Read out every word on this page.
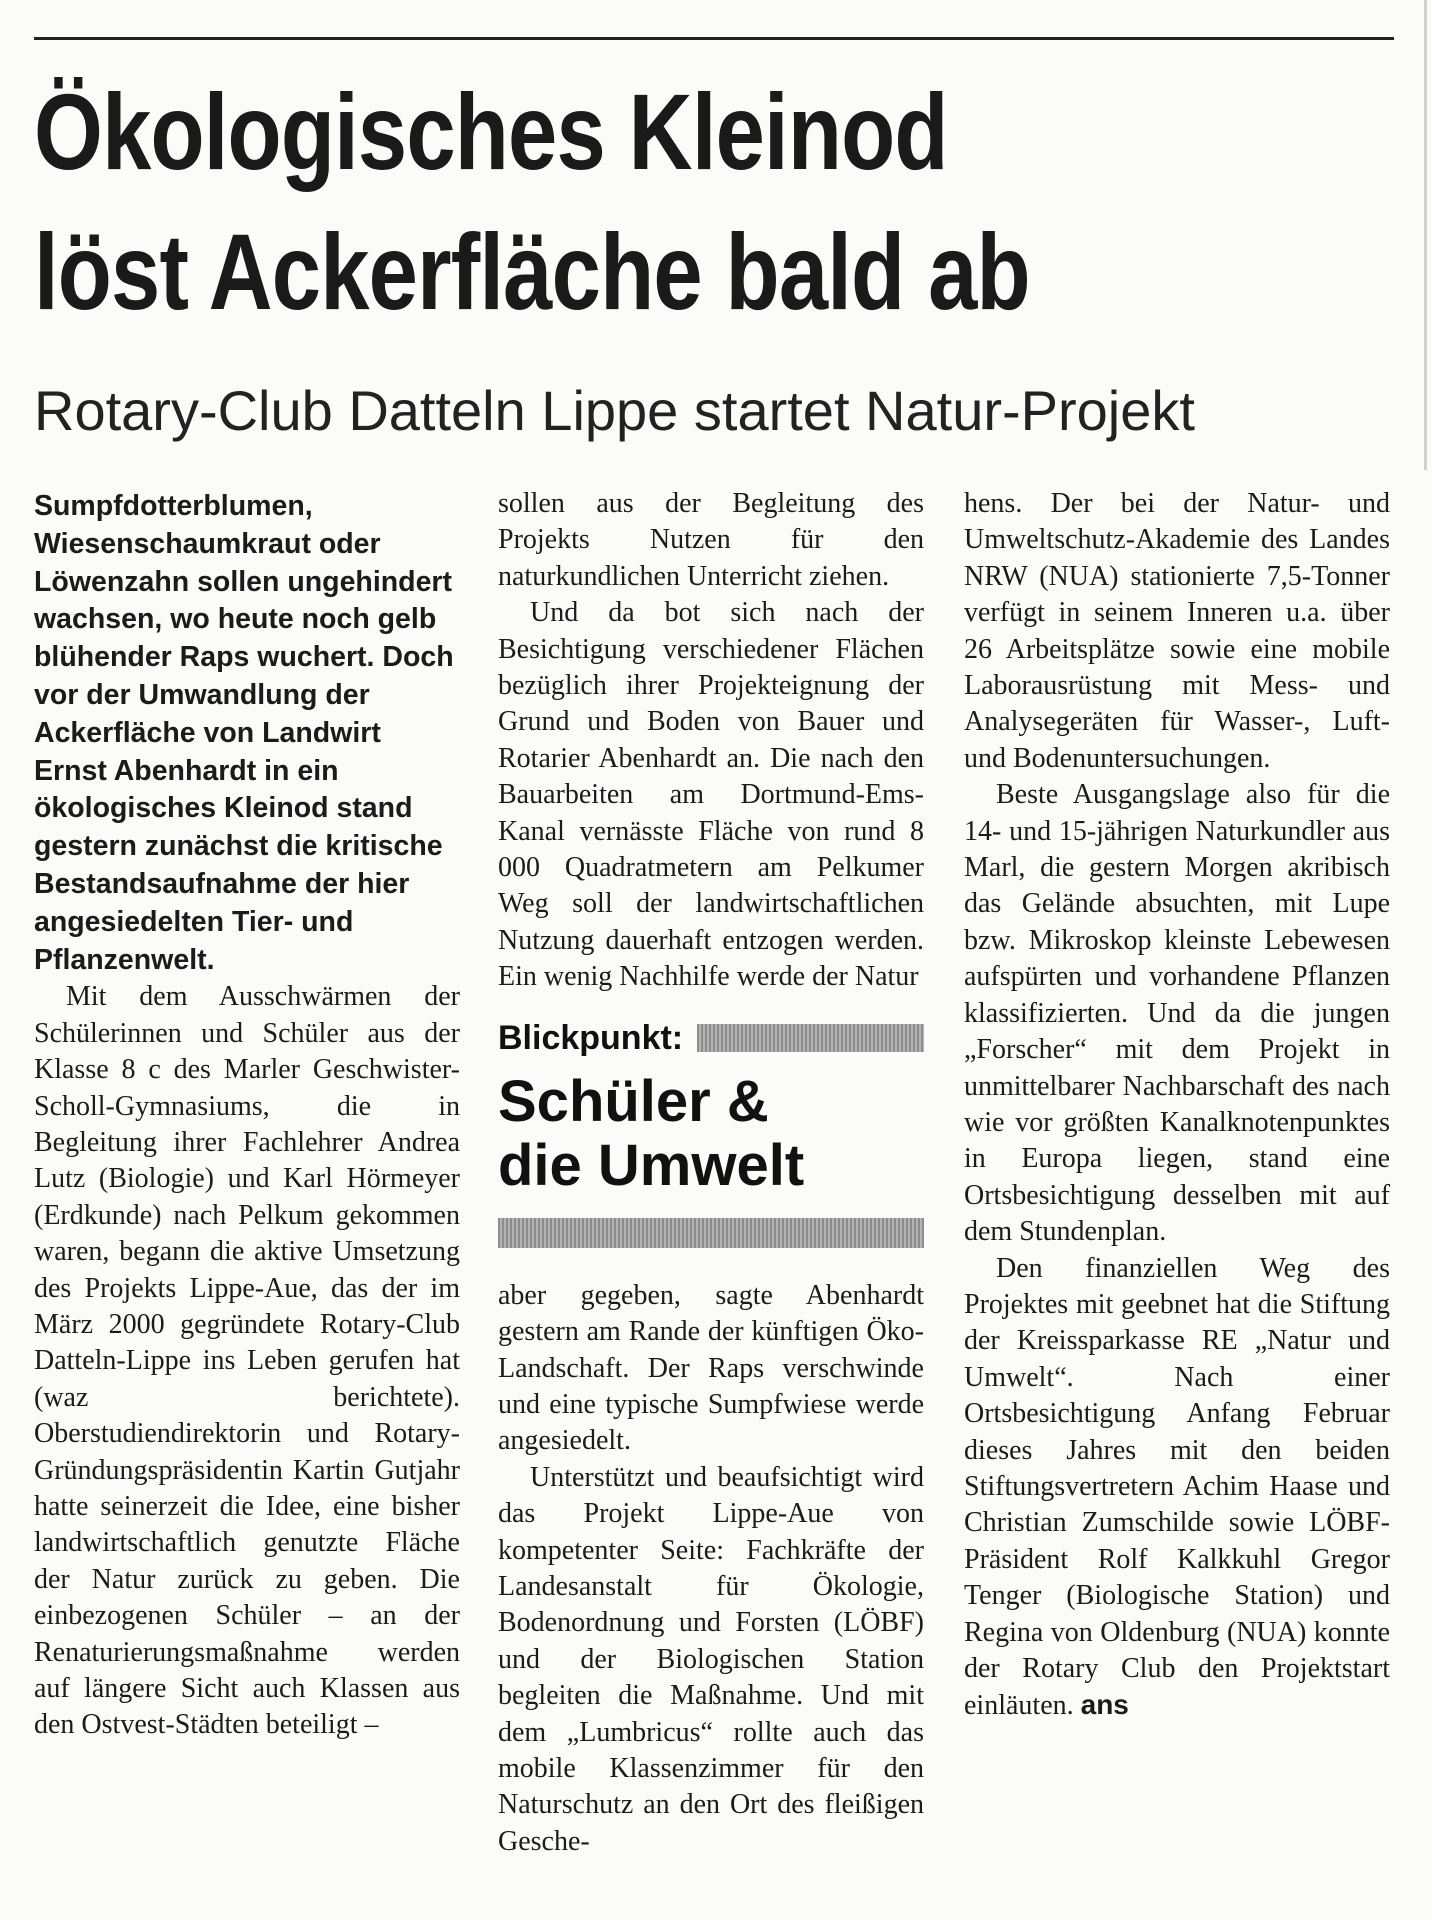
Ökologisches Kleinod
löst Ackerfläche bald ab
Rotary-Club Datteln Lippe startet Natur-Projekt

Sumpfdotterblumen, Wiesenschaumkraut oder Löwenzahn sollen ungehindert wachsen, wo heute noch gelb blühender Raps wuchert. Doch vor der Umwandlung der Ackerfläche von Landwirt Ernst Abenhardt in ein ökologisches Kleinod stand gestern zunächst die kritische Bestandsaufnahme der hier angesiedelten Tier- und Pflanzenwelt.

Mit dem Ausschwärmen der Schülerinnen und Schüler aus der Klasse 8 c des Marler Geschwister-Scholl-Gymnasiums, die in Begleitung ihrer Fachlehrer Andrea Lutz (Biologie) und Karl Hörmeyer (Erdkunde) nach Pelkum gekommen waren, begann die aktive Umsetzung des Projekts Lippe-Aue, das der im März 2000 gegründete Rotary-Club Datteln-Lippe ins Leben gerufen hat (waz berichtete). Oberstudiendirektorin und Rotary-Gründungspräsidentin Kartin Gutjahr hatte seinerzeit die Idee, eine bisher landwirtschaftlich genutzte Fläche der Natur zurück zu geben. Die einbezogenen Schüler – an der Renaturierungsmaßnahme werden auf längere Sicht auch Klassen aus den Ostvest-Städten beteiligt –

sollen aus der Begleitung des Projekts Nutzen für den naturkundlichen Unterricht ziehen.

Und da bot sich nach der Besichtigung verschiedener Flächen bezüglich ihrer Projekteignung der Grund und Boden von Bauer und Rotarier Abenhardt an. Die nach den Bauarbeiten am Dortmund-Ems-Kanal vernässte Fläche von rund 8 000 Quadratmetern am Pelkumer Weg soll der landwirtschaftlichen Nutzung dauerhaft entzogen werden. Ein wenig Nachhilfe werde der Natur

Blickpunkt:
Schüler &
die Umwelt

aber gegeben, sagte Abenhardt gestern am Rande der künftigen Öko-Landschaft. Der Raps verschwinde und eine typische Sumpfwiese werde angesiedelt.

Unterstützt und beaufsichtigt wird das Projekt Lippe-Aue von kompetenter Seite: Fachkräfte der Landesanstalt für Ökologie, Bodenordnung und Forsten (LÖBF) und der Biologischen Station begleiten die Maßnahme. Und mit dem „Lumbricus“ rollte auch das mobile Klassenzimmer für den Naturschutz an den Ort des fleißigen Gesche-

hens. Der bei der Natur- und Umweltschutz-Akademie des Landes NRW (NUA) stationierte 7,5-Tonner verfügt in seinem Inneren u.a. über 26 Arbeitsplätze sowie eine mobile Laborausrüstung mit Mess- und Analysegeräten für Wasser-, Luft- und Bodenuntersuchungen.

Beste Ausgangslage also für die 14- und 15-jährigen Naturkundler aus Marl, die gestern Morgen akribisch das Gelände absuchten, mit Lupe bzw. Mikroskop kleinste Lebewesen aufspürten und vorhandene Pflanzen klassifizierten. Und da die jungen „Forscher“ mit dem Projekt in unmittelbarer Nachbarschaft des nach wie vor größten Kanalknotenpunktes in Europa liegen, stand eine Ortsbesichtigung desselben mit auf dem Stundenplan.

Den finanziellen Weg des Projektes mit geebnet hat die Stiftung der Kreissparkasse RE „Natur und Umwelt“. Nach einer Ortsbesichtigung Anfang Februar dieses Jahres mit den beiden Stiftungsvertretern Achim Haase und Christian Zumschilde sowie LÖBF-Präsident Rolf Kalkkuhl Gregor Tenger (Biologische Station) und Regina von Oldenburg (NUA) konnte der Rotary Club den Projektstart einläuten. ans
